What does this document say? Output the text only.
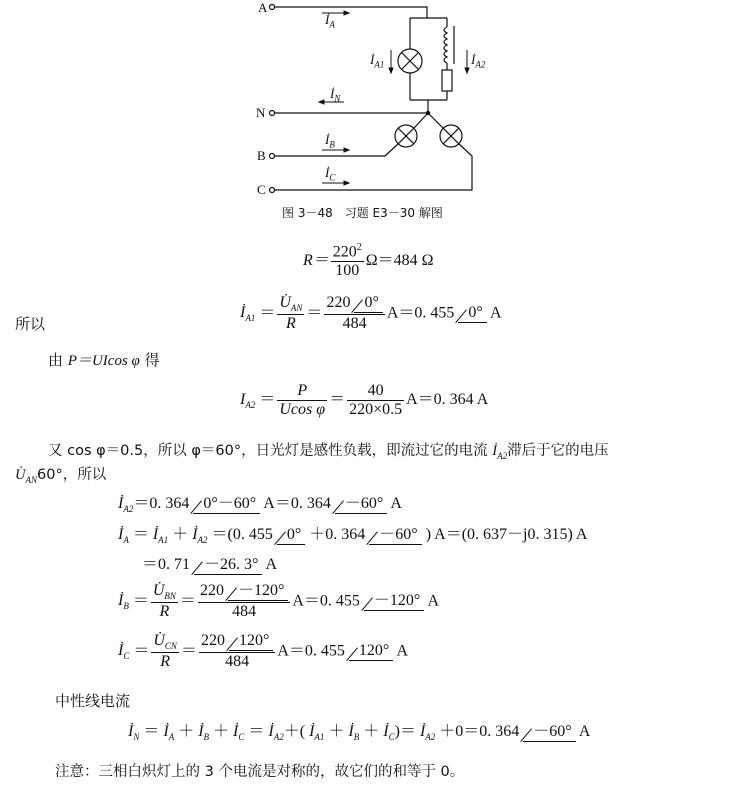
A
N
B
C
$İ_A$
$İ_N$
$İ_B$
$İ_C$
$İ_{A1}$	$İ_{A2}$
图 3－48　习题 E3－30 解图
$R= \frac{220^2}{100} \Omega=484$ Ω
所以
$İ_{A1} = \frac{U̇_{AN}}{R} = \frac{220 0^\circ}{484} A=0$. 455 0° A
由 P＝UIcos φ 得
$I_{A2} = \frac{P}{\text{Ucos φ}} = \frac{40}{220\times 0.5} A=0$. 364 A
又 cos φ＝0.5，所以 φ＝60°，日光灯是感性负载，即流过它的电流 $İ_{A2}$滞后于它的电压
$U̇_{AN}60^\circ$，所以
$İ_{A2}=0$. 364 0°－60° A＝0. 364 －60° A
$İ_A$ ＝ $İ_{A1}$ ＋ $İ_{A2} =(0$. 455 0° ＋0. 364 －60° ) A＝(0. 637－j0. 315) A
＝0. 71 －26. 3° A
$İ_B = \frac{U̇_{BN}}{R} = \frac{220 -120^\circ}{484} A=0$. 455 －120° A
$İ_C = \frac{U̇_{CN}}{R} = \frac{220 120^\circ}{484} A=0$. 455 120° A
中性线电流
$İ_N$ ＝ $İ_A$ ＋ $İ_B$ ＋ $İ_C$ ＝ $İ_{A2}+$( $İ_{A1}$ ＋ $İ_B$ ＋ $İ_C)=$ $İ_{A2} +0=0$. 364 －60° A
注意：三相白炽灯上的 3 个电流是对称的，故它们的和等于 0。
